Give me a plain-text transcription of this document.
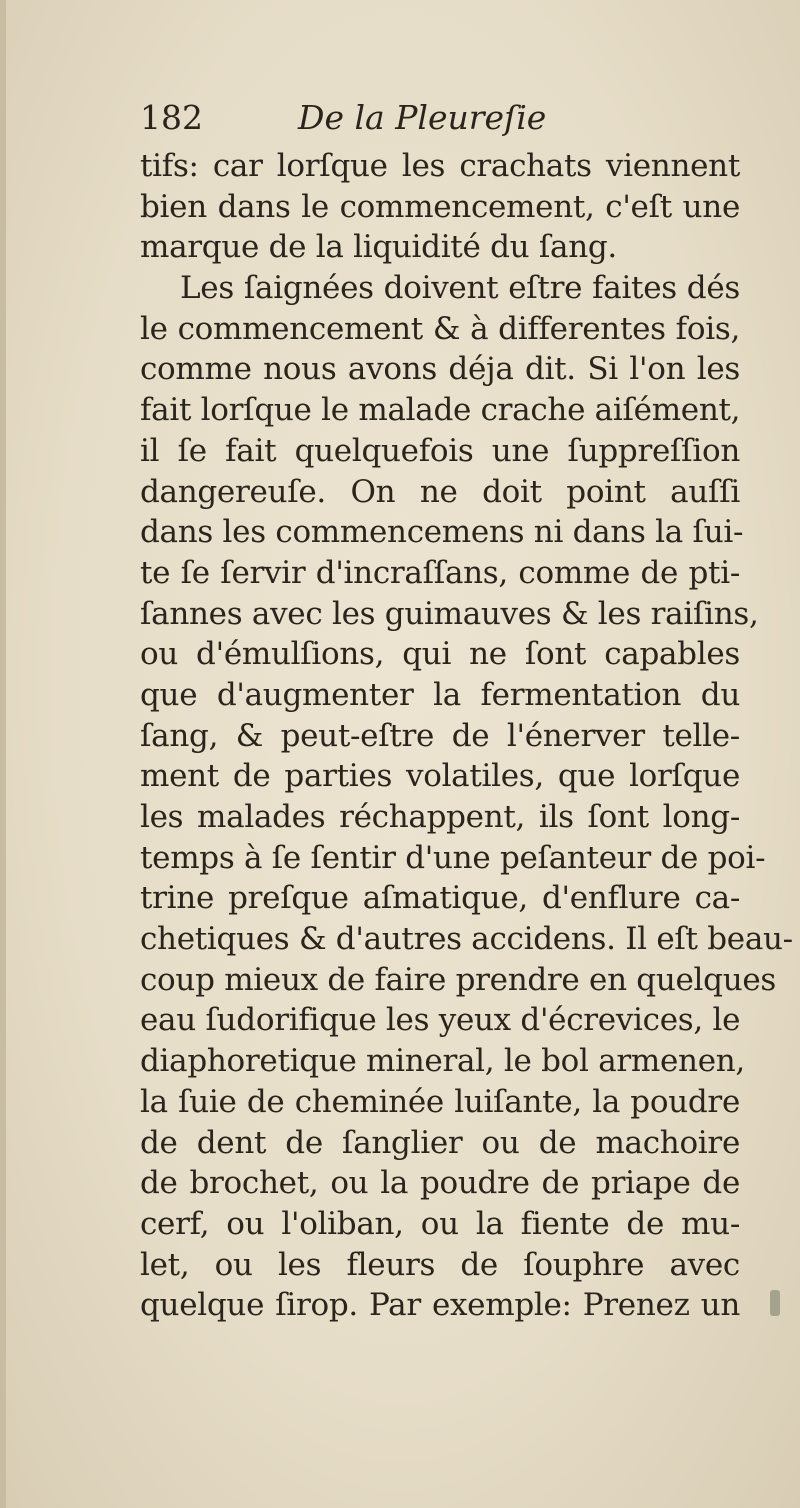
182	De la Pleureſie
tifs: car lorſque les crachats viennent
bien dans le commencement, c'eſt une
marque de la liquidité du ſang.
Les ſaignées doivent eſtre faites dés
le commencement & à differentes fois,
comme nous avons déja dit. Si l'on les
fait lorſque le malade crache aiſément,
il ſe fait quelquefois une ſuppreſſion
dangereuſe. On ne doit point auſſi
dans les commencemens ni dans la ſui-
te ſe ſervir d'incraſſans, comme de pti-
ſannes avec les guimauves & les raiſins,
ou d'émulſions, qui ne ſont capables
que d'augmenter la fermentation du
ſang, & peut-eſtre de l'énerver telle-
ment de parties volatiles, que lorſque
les malades réchappent, ils ſont long-
temps à ſe ſentir d'une peſanteur de poi-
trine preſque aſmatique, d'enflure ca-
chetiques & d'autres accidens. Il eſt beau-
coup mieux de faire prendre en quelques
eau ſudorifique les yeux d'écrevices, le
diaphoretique mineral, le bol armenen,
la ſuie de cheminée luiſante, la poudre
de dent de ſanglier ou de machoire
de brochet, ou la poudre de priape de
cerf, ou l'oliban, ou la fiente de mu-
let, ou les fleurs de ſouphre avec
quelque ſirop. Par exemple: Prenez un
